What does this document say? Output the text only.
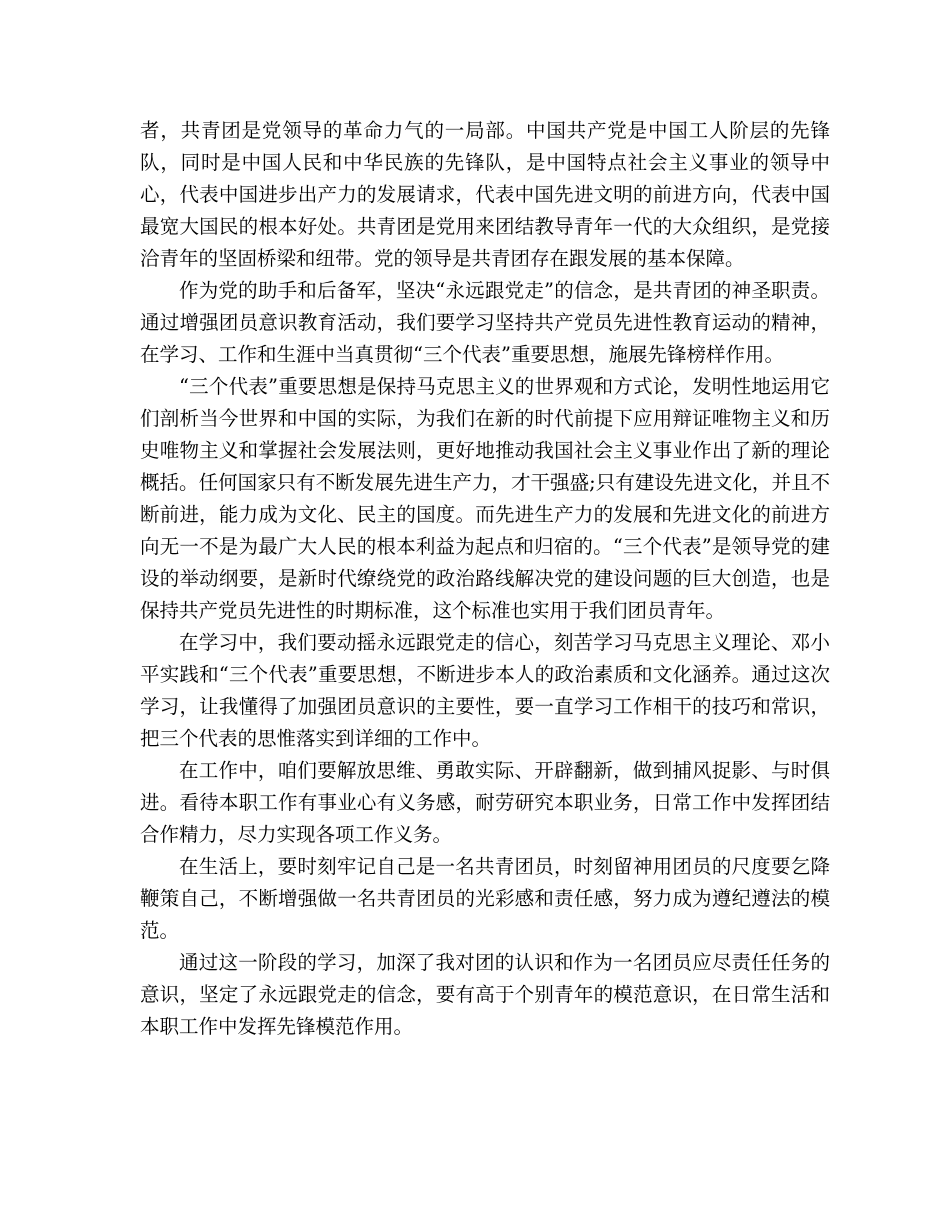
者，共青团是党领导的革命力气的一局部。中国共产党是中国工人阶层的先锋队，同时是中国人民和中华民族的先锋队，是中国特点社会主义事业的领导中心，代表中国进步出产力的发展请求，代表中国先进文明的前进方向，代表中国最宽大国民的根本好处。共青团是党用来团结教导青年一代的大众组织，是党接洽青年的坚固桥梁和纽带。党的领导是共青团存在跟发展的基本保障。

作为党的助手和后备军，坚决“永远跟党走”的信念，是共青团的神圣职责。通过增强团员意识教育活动，我们要学习坚持共产党员先进性教育运动的精神，在学习、工作和生涯中当真贯彻“三个代表”重要思想，施展先锋榜样作用。

“三个代表”重要思想是保持马克思主义的世界观和方式论，发明性地运用它们剖析当今世界和中国的实际，为我们在新的时代前提下应用辩证唯物主义和历史唯物主义和掌握社会发展法则，更好地推动我国社会主义事业作出了新的理论概括。任何国家只有不断发展先进生产力，才干强盛;只有建设先进文化，并且不断前进，能力成为文化、民主的国度。而先进生产力的发展和先进文化的前进方向无一不是为最广大人民的根本利益为起点和归宿的。“三个代表”是领导党的建设的举动纲要，是新时代缭绕党的政治路线解决党的建设问题的巨大创造，也是保持共产党员先进性的时期标准，这个标准也实用于我们团员青年。

在学习中，我们要动摇永远跟党走的信心，刻苦学习马克思主义理论、邓小平实践和“三个代表”重要思想，不断进步本人的政治素质和文化涵养。通过这次学习，让我懂得了加强团员意识的主要性，要一直学习工作相干的技巧和常识，把三个代表的思惟落实到详细的工作中。

在工作中，咱们要解放思维、勇敢实际、开辟翻新，做到捕风捉影、与时俱进。看待本职工作有事业心有义务感，耐劳研究本职业务，日常工作中发挥团结合作精力，尽力实现各项工作义务。

在生活上，要时刻牢记自己是一名共青团员，时刻留神用团员的尺度要乞降鞭策自己，不断增强做一名共青团员的光彩感和责任感，努力成为遵纪遵法的模范。

通过这一阶段的学习，加深了我对团的认识和作为一名团员应尽责任任务的意识，坚定了永远跟党走的信念，要有高于个别青年的模范意识，在日常生活和本职工作中发挥先锋模范作用。
